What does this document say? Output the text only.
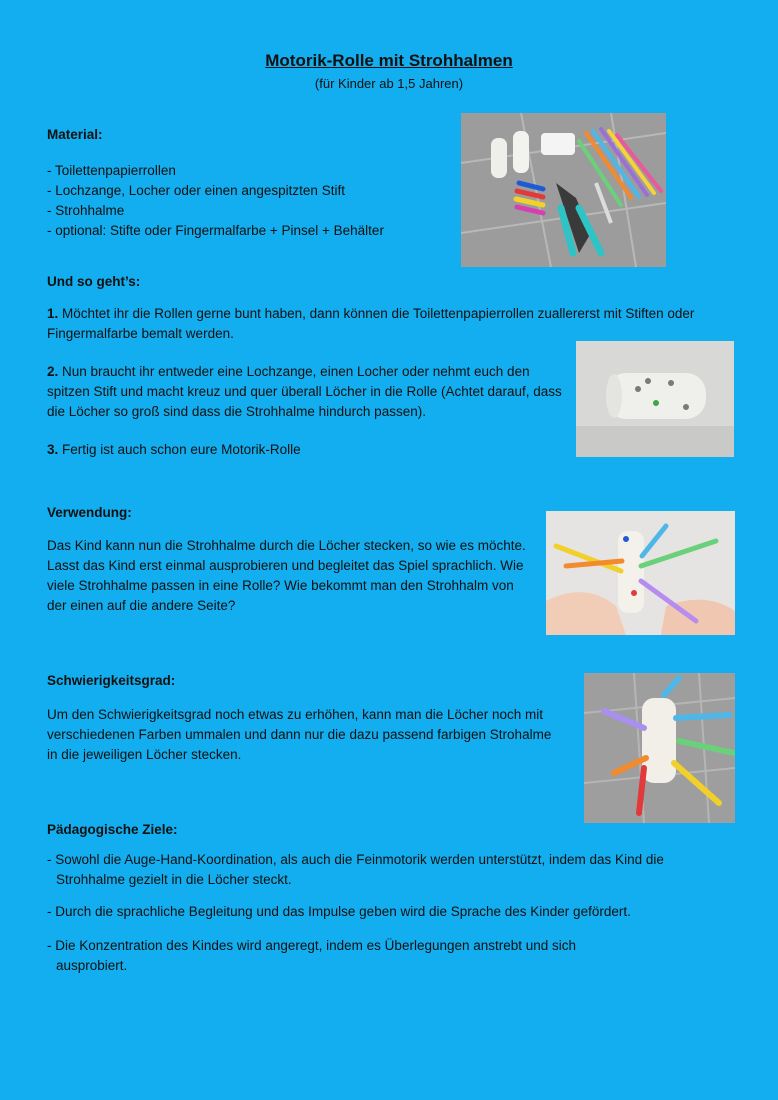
Motorik-Rolle mit Strohhalmen
(für Kinder ab 1,5 Jahren)
Material:
- Toilettenpapierrollen
- Lochzange, Locher oder einen angespitzten Stift
- Strohhalme
- optional: Stifte oder Fingermalfarbe + Pinsel + Behälter
Und so geht’s:
1. Möchtet ihr die Rollen gerne bunt haben, dann können die Toilettenpapierrollen zuallererst mit Stiften oder Fingermalfarbe bemalt werden.
2. Nun braucht ihr entweder eine Lochzange, einen Locher oder nehmt euch den spitzen Stift und macht kreuz und quer überall Löcher in die Rolle (Achtet darauf, dass die Löcher so groß sind dass die Strohhalme hindurch passen).
3. Fertig ist auch schon eure Motorik-Rolle
Verwendung:
Das Kind kann nun die Strohhalme durch die Löcher stecken, so wie es möchte. Lasst das Kind erst einmal ausprobieren und begleitet das Spiel sprachlich. Wie viele Strohhalme passen in eine Rolle? Wie bekommt man den Strohhalm von der einen auf die andere Seite?
Schwierigkeitsgrad:
Um den Schwierigkeitsgrad noch etwas zu erhöhen, kann man die Löcher noch mit verschiedenen Farben ummalen und dann nur die dazu passend farbigen Strohalme in die jeweiligen Löcher stecken.
Pädagogische Ziele:
- Sowohl die Auge-Hand-Koordination, als auch die Feinmotorik werden unterstützt, indem das Kind die Strohhalme gezielt in die Löcher steckt.
- Durch die sprachliche Begleitung und das Impulse geben wird die Sprache des Kinder gefördert.
- Die Konzentration des Kindes wird angeregt, indem es Überlegungen anstrebt und sich ausprobiert.
